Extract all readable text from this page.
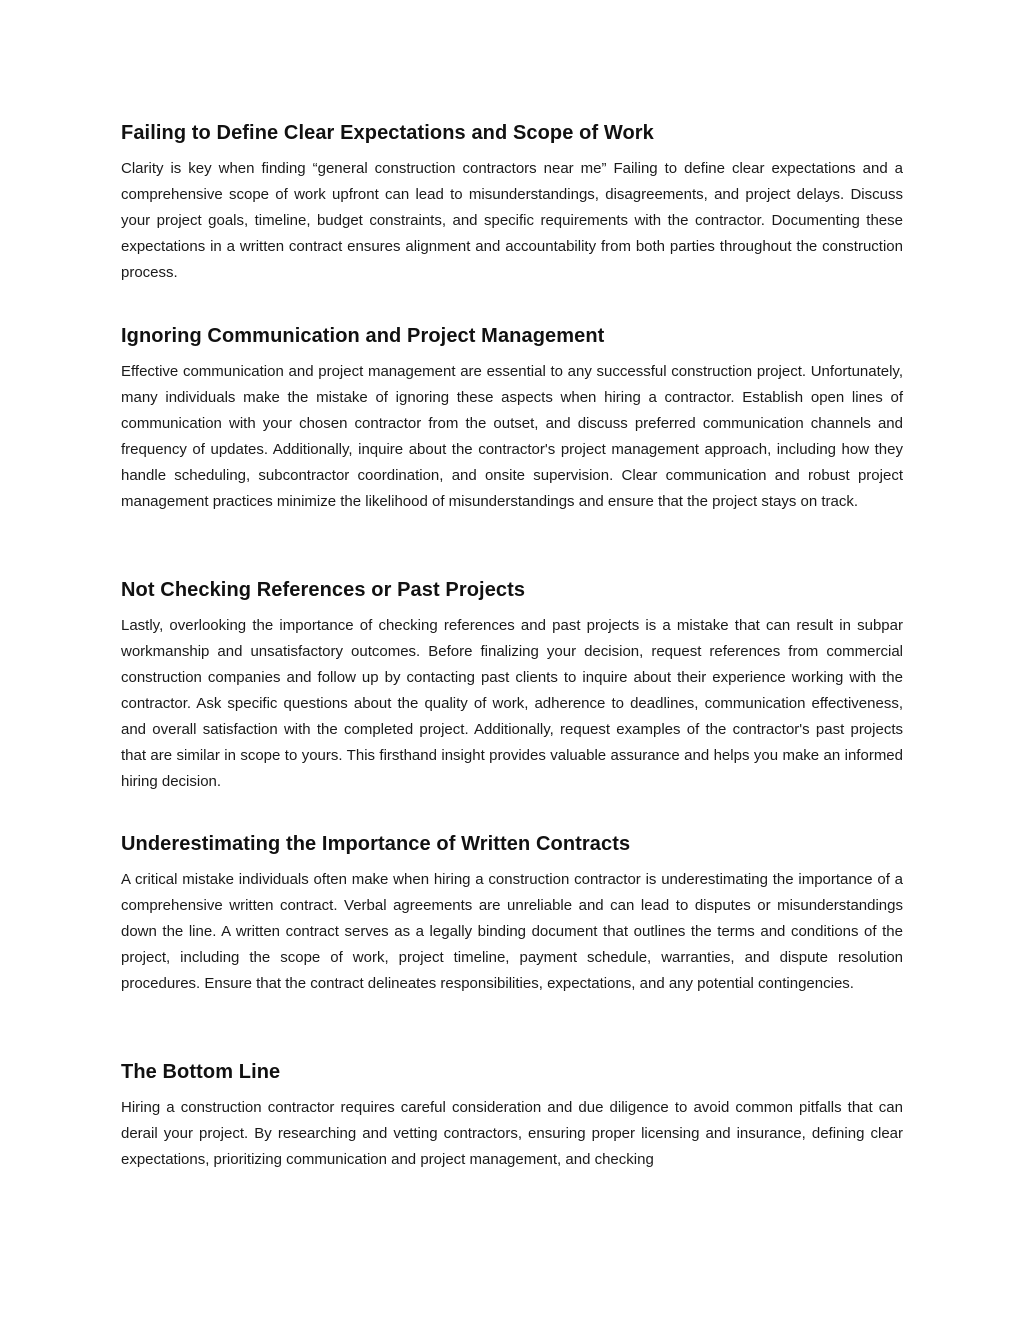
Failing to Define Clear Expectations and Scope of Work

Clarity is key when finding “general construction contractors near me” Failing to define clear expectations and a comprehensive scope of work upfront can lead to misunderstandings, disagreements, and project delays. Discuss your project goals, timeline, budget constraints, and specific requirements with the contractor. Documenting these expectations in a written contract ensures alignment and accountability from both parties throughout the construction process.

Ignoring Communication and Project Management

Effective communication and project management are essential to any successful construction project. Unfortunately, many individuals make the mistake of ignoring these aspects when hiring a contractor. Establish open lines of communication with your chosen contractor from the outset, and discuss preferred communication channels and frequency of updates. Additionally, inquire about the contractor's project management approach, including how they handle scheduling, subcontractor coordination, and onsite supervision. Clear communication and robust project management practices minimize the likelihood of misunderstandings and ensure that the project stays on track.

Not Checking References or Past Projects

Lastly, overlooking the importance of checking references and past projects is a mistake that can result in subpar workmanship and unsatisfactory outcomes. Before finalizing your decision, request references from commercial construction companies and follow up by contacting past clients to inquire about their experience working with the contractor. Ask specific questions about the quality of work, adherence to deadlines, communication effectiveness, and overall satisfaction with the completed project. Additionally, request examples of the contractor's past projects that are similar in scope to yours. This firsthand insight provides valuable assurance and helps you make an informed hiring decision.

Underestimating the Importance of Written Contracts

A critical mistake individuals often make when hiring a construction contractor is underestimating the importance of a comprehensive written contract. Verbal agreements are unreliable and can lead to disputes or misunderstandings down the line. A written contract serves as a legally binding document that outlines the terms and conditions of the project, including the scope of work, project timeline, payment schedule, warranties, and dispute resolution procedures. Ensure that the contract delineates responsibilities, expectations, and any potential contingencies.

The Bottom Line

Hiring a construction contractor requires careful consideration and due diligence to avoid common pitfalls that can derail your project. By researching and vetting contractors, ensuring proper licensing and insurance, defining clear expectations, prioritizing communication and project management, and checking
